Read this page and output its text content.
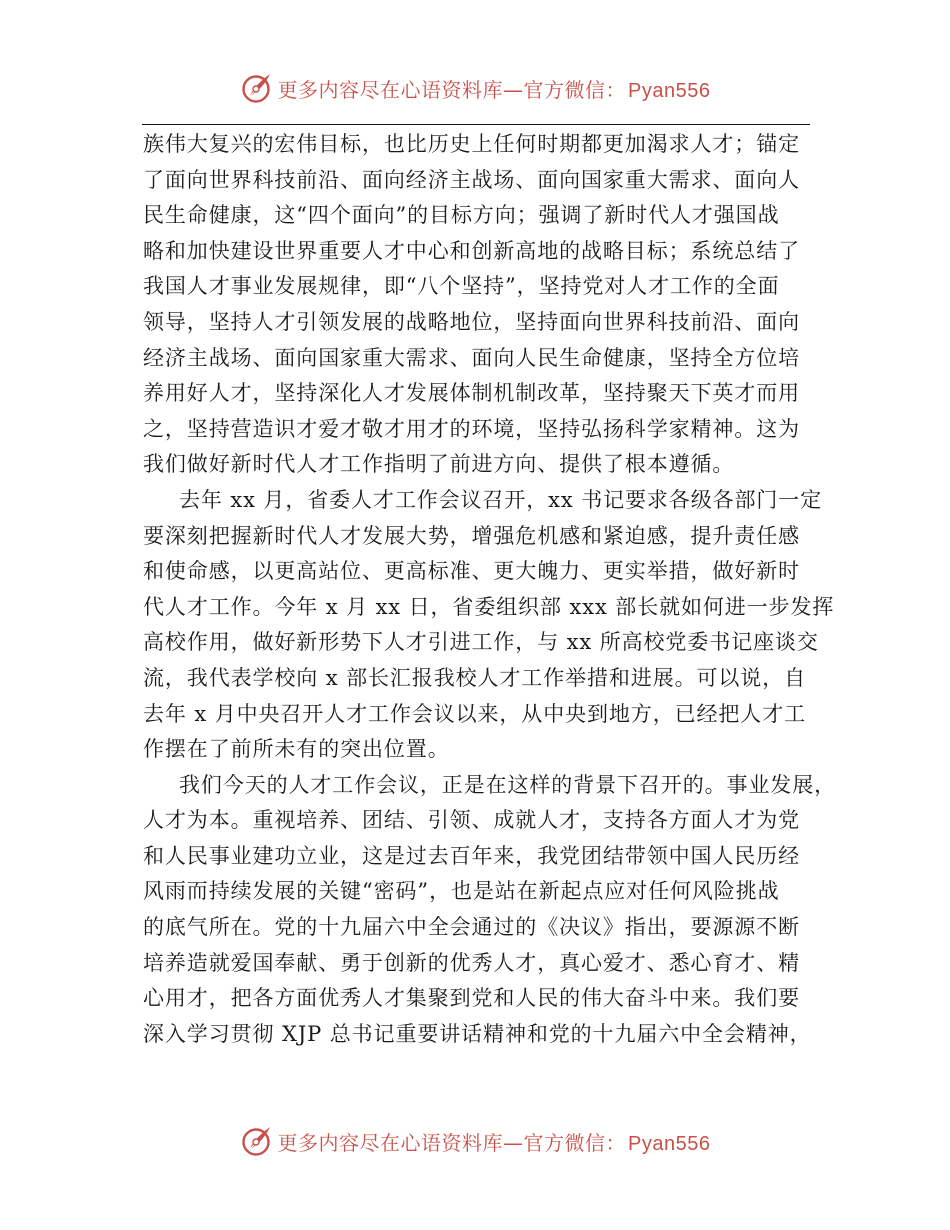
更多内容尽在心语资料库—官方微信： Pyan556

族伟大复兴的宏伟目标，也比历史上任何时期都更加渴求人才；锚定
了面向世界科技前沿、面向经济主战场、面向国家重大需求、面向人
民生命健康，这“四个面向”的目标方向；强调了新时代人才强国战
略和加快建设世界重要人才中心和创新高地的战略目标；系统总结了
我国人才事业发展规律，即“八个坚持”，坚持党对人才工作的全面
领导，坚持人才引领发展的战略地位，坚持面向世界科技前沿、面向
经济主战场、面向国家重大需求、面向人民生命健康，坚持全方位培
养用好人才，坚持深化人才发展体制机制改革，坚持聚天下英才而用
之，坚持营造识才爱才敬才用才的环境，坚持弘扬科学家精神。这为
我们做好新时代人才工作指明了前进方向、提供了根本遵循。

去年 xx 月，省委人才工作会议召开，xx 书记要求各级各部门一定
要深刻把握新时代人才发展大势，增强危机感和紧迫感，提升责任感
和使命感，以更高站位、更高标准、更大魄力、更实举措，做好新时
代人才工作。今年 x 月 xx 日，省委组织部 xxx 部长就如何进一步发挥
高校作用，做好新形势下人才引进工作，与 xx 所高校党委书记座谈交
流，我代表学校向 x 部长汇报我校人才工作举措和进展。可以说，自
去年 x 月中央召开人才工作会议以来，从中央到地方，已经把人才工
作摆在了前所未有的突出位置。

我们今天的人才工作会议，正是在这样的背景下召开的。事业发展，
人才为本。重视培养、团结、引领、成就人才，支持各方面人才为党
和人民事业建功立业，这是过去百年来，我党团结带领中国人民历经
风雨而持续发展的关键“密码”，也是站在新起点应对任何风险挑战
的底气所在。党的十九届六中全会通过的《决议》指出，要源源不断
培养造就爱国奉献、勇于创新的优秀人才，真心爱才、悉心育才、精
心用才，把各方面优秀人才集聚到党和人民的伟大奋斗中来。我们要
深入学习贯彻 XJP 总书记重要讲话精神和党的十九届六中全会精神，

更多内容尽在心语资料库—官方微信： Pyan556
